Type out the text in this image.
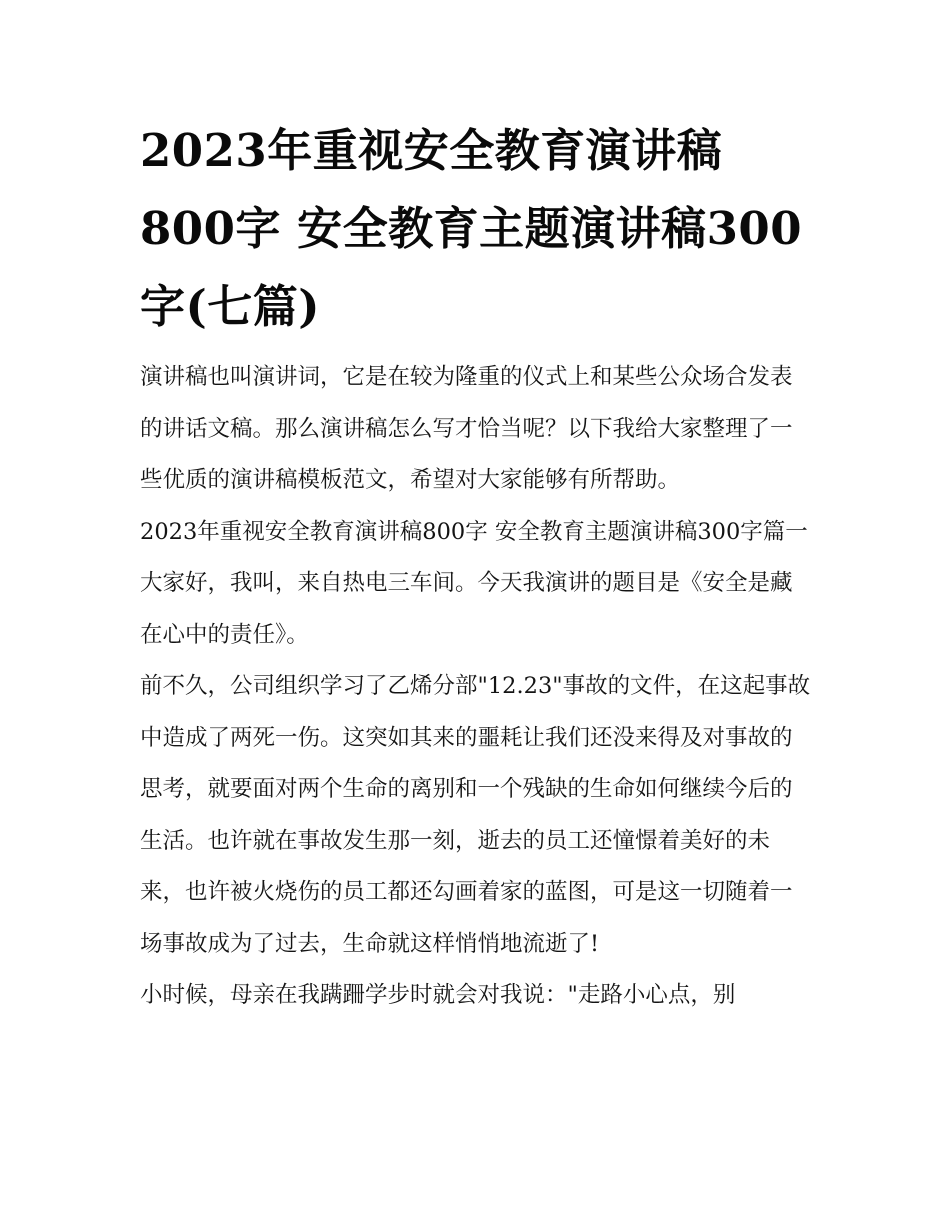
2023年重视安全教育演讲稿800字 安全教育主题演讲稿300字(七篇)

演讲稿也叫演讲词，它是在较为隆重的仪式上和某些公众场合发表的讲话文稿。那么演讲稿怎么写才恰当呢？以下我给大家整理了一些优质的演讲稿模板范文，希望对大家能够有所帮助。

2023年重视安全教育演讲稿800字 安全教育主题演讲稿300字篇一 大家好，我叫，来自热电三车间。今天我演讲的题目是《安全是藏在心中的责任》。

前不久，公司组织学习了乙烯分部"12.23"事故的文件，在这起事故中造成了两死一伤。这突如其来的噩耗让我们还没来得及对事故的思考，就要面对两个生命的离别和一个残缺的生命如何继续今后的生活。也许就在事故发生那一刻，逝去的员工还憧憬着美好的未来，也许被火烧伤的员工都还勾画着家的蓝图，可是这一切随着一场事故成为了过去，生命就这样悄悄地流逝了!

小时候，母亲在我蹒跚学步时就会对我说："走路小心点，别
